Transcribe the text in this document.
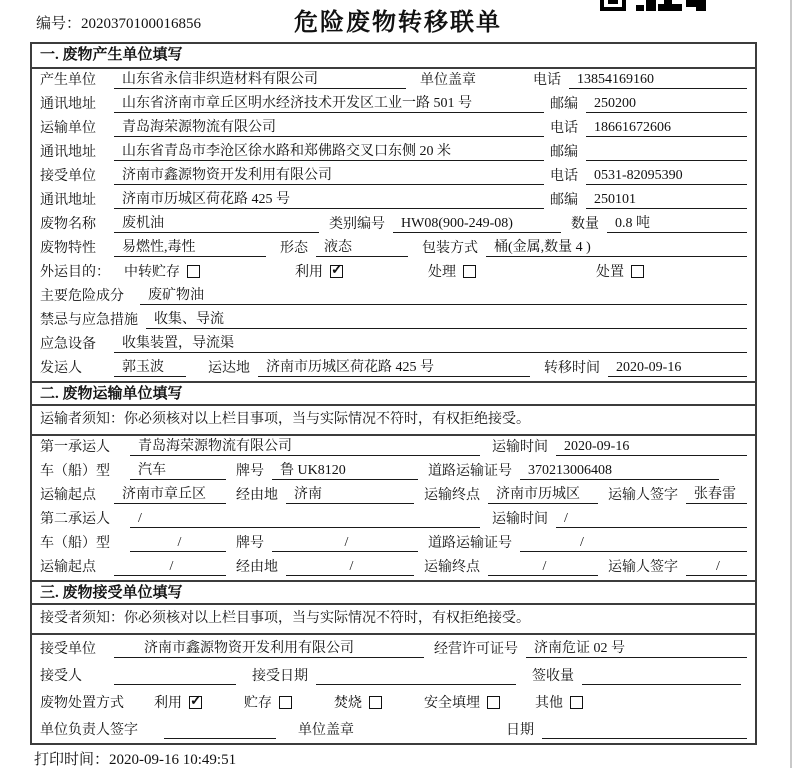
编号：2020370100016856	危险废物转移联单
一. 废物产生单位填写
产生单位	山东省永信非织造材料有限公司	单位盖章	电话	13854169160
通讯地址	山东省济南市章丘区明水经济技术开发区工业一路 501 号	邮编	250200
运输单位	青岛海荣源物流有限公司	电话	18661672606
通讯地址	山东省青岛市李沧区徐水路和郑佛路交叉口东侧 20 米	邮编
接受单位	济南市鑫源物资开发利用有限公司	电话	0531-82095390
通讯地址	济南市历城区荷花路 425 号	邮编	250101
废物名称	废机油	类别编号	HW08(900-249-08)	数量	0.8 吨
废物特性	易燃性,毒性	形态	液态	包装方式	桶(金属,数量 4 )
外运目的： 中转贮存	利用 ✓	处理	处置
主要危险成分	废矿物油
禁忌与应急措施	收集、导流
应急设备	收集装置，导流渠
发运人	郭玉波	运达地	济南市历城区荷花路 425 号	转移时间	2020-09-16
二. 废物运输单位填写
运输者须知：你必须核对以上栏目事项，当与实际情况不符时，有权拒绝接受。
第一承运人	青岛海荣源物流有限公司	运输时间	2020-09-16
车（船）型	汽车	牌号	鲁 UK8120	道路运输证号	370213006408
运输起点	济南市章丘区	经由地	济南	运输终点	济南市历城区	运输人签字	张春雷
第二承运人	/	运输时间	/
车（船）型	/	牌号	/	道路运输证号	/
运输起点	/	经由地	/	运输终点	/	运输人签字	/
三. 废物接受单位填写
接受者须知：你必须核对以上栏目事项，当与实际情况不符时，有权拒绝接受。
接受单位	济南市鑫源物资开发利用有限公司	经营许可证号	济南危证 02 号
接受人	接受日期	签收量
废物处置方式 利用 ✓	贮存	焚烧	安全填埋	其他
单位负责人签字	单位盖章	日期
打印时间：2020-09-16 10:49:51
